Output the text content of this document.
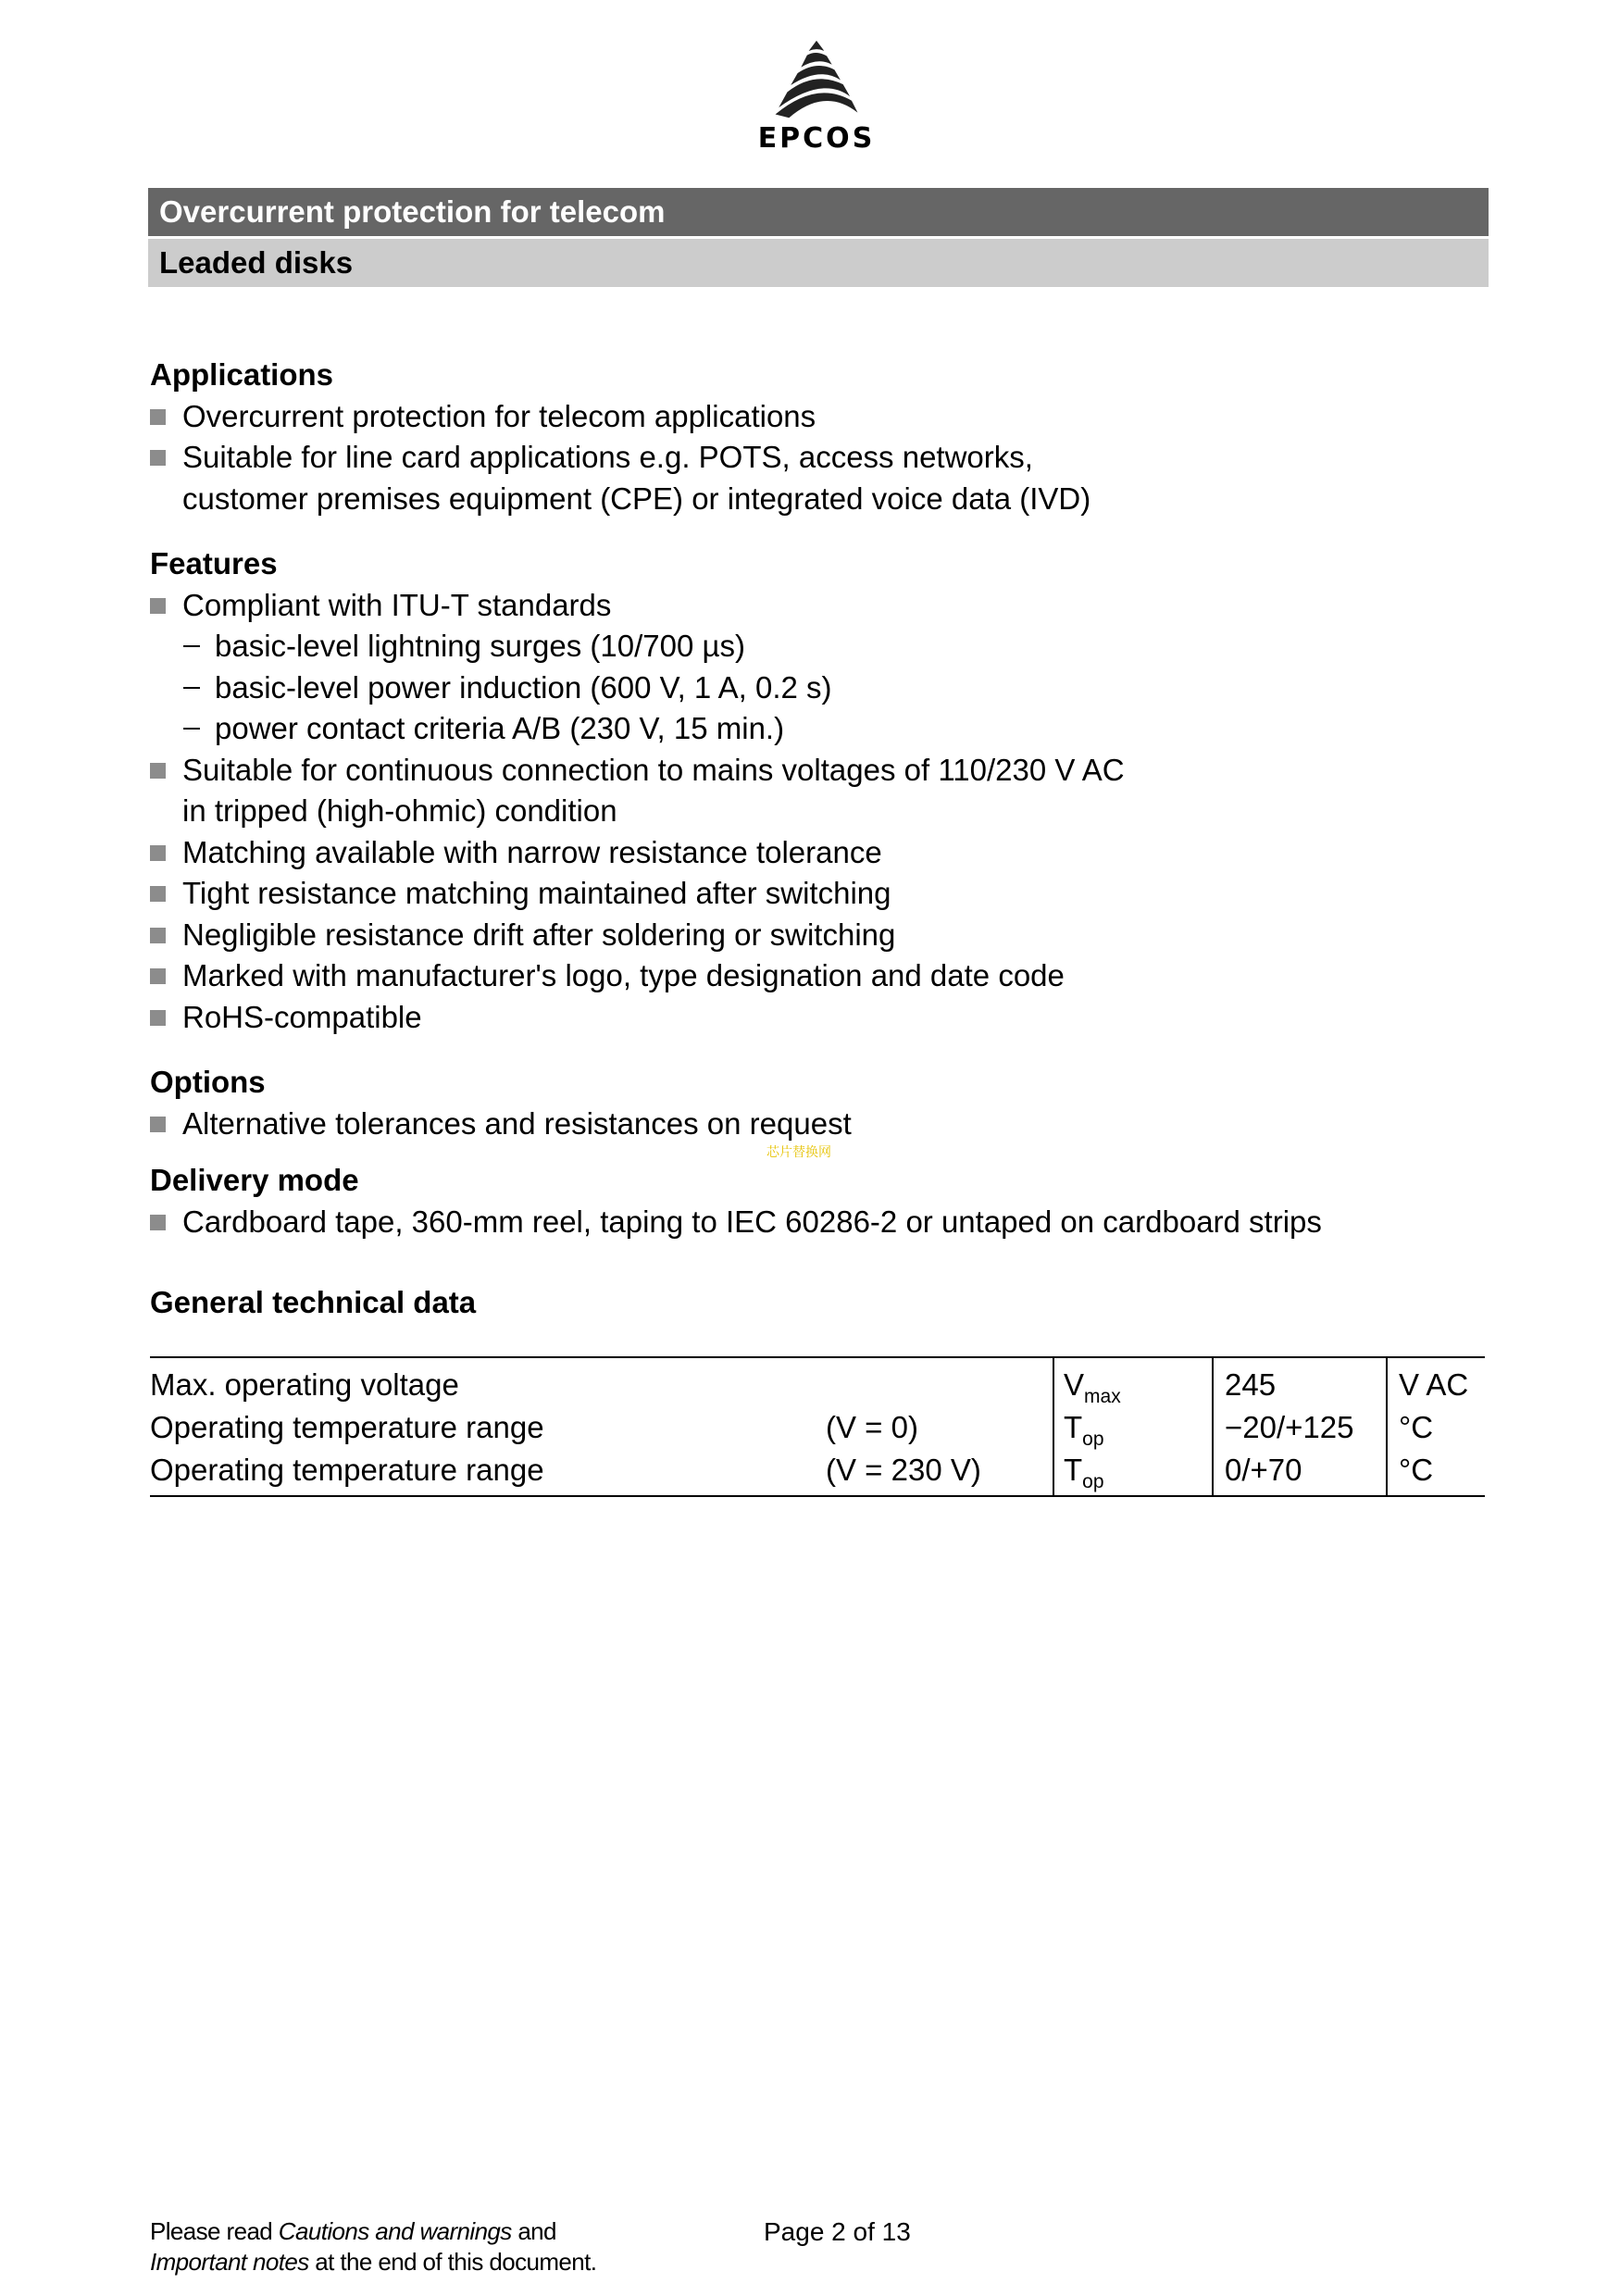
EPCOS
Overcurrent protection for telecom
Leaded disks
Applications
Overcurrent protection for telecom applications
Suitable for line card applications e.g. POTS, access networks,
customer premises equipment (CPE) or integrated voice data (IVD)
Features
Compliant with ITU-T standards
basic-level lightning surges (10/700 µs)
basic-level power induction (600 V, 1 A, 0.2 s)
power contact criteria A/B (230 V, 15 min.)
Suitable for continuous connection to mains voltages of 110/230 V AC
in tripped (high-ohmic) condition
Matching available with narrow resistance tolerance
Tight resistance matching maintained after switching
Negligible resistance drift after soldering or switching
Marked with manufacturer's logo, type designation and date code
RoHS-compatible
Options
Alternative tolerances and resistances on request
Delivery mode
Cardboard tape, 360-mm reel, taping to IEC 60286-2 or untaped on cardboard strips
General technical data
芯片替换网
Max. operating voltage		$V_{max}$	245	V AC
Operating temperature range	(V = 0)	$T_{op}$	−20/+125	°C
Operating temperature range	(V = 230 V)	$T_{op}$	0/+70	°C
Please read Cautions and warnings and
Important notes at the end of this document.
Page 2 of 13
